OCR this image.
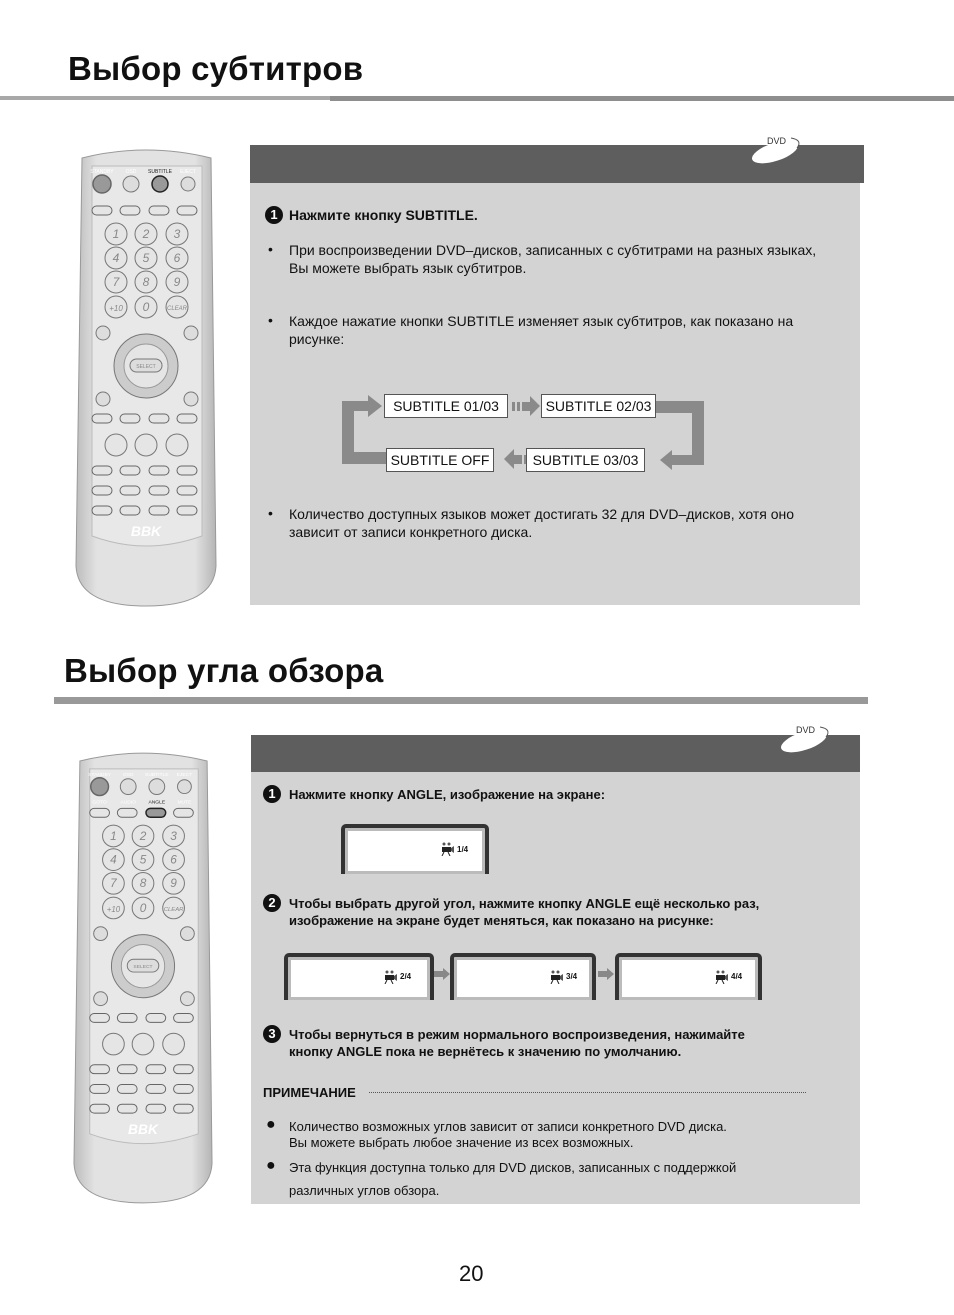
Выбор субтитров
STANDBY OSD SUBTITLE EJECT
1 2 3
4 5 6
7 8 9
+10 0	CLEAR
SELECT
BBK
DVD
1 Нажмите кнопку SUBTITLE.
• При воспроизведении DVD–дисков, записанных с субтитрами на разных языках,
Вы можете выбрать язык субтитров.
• Каждое нажатие кнопки SUBTITLE изменяет язык субтитров, как показано на
рисунке:
SUBTITLE 01/03	SUBTITLE 02/03
SUBTITLE 03/03
SUBTITLE OFF
• Количество доступных языков может достигать 32 для DVD–дисков, хотя оно
зависит от записи конкретного диска.
Выбор угла обзора
STANDBY OSD SUBTITLE EJECT
GOTO	AUDIO ANGLE MUTE
1 2 3
4 5 6
7 8 9
+10 0	CLEAR
SELECT
BBK
DVD
1	Нажмите кнопку ANGLE, изображение на экране:
1/4
2	Чтобы выбрать другой угол, нажмите кнопку ANGLE ещё несколько раз,
изображение на экране будет меняться, как показано на рисунке:
2/4	3/4	4/4
3	Чтобы вернуться в режим нормального воспроизведения, нажимайте
кнопку ANGLE пока не вернётесь к значению по умолчанию.
ПРИМЕЧАНИЕ
● Количество возможных углов зависит от записи конкретного DVD диска.
Вы можете выбрать любое значение из всех возможных.
● Эта функция доступна только для DVD дисков, записанных с поддержкой
различных углов обзора.
20
